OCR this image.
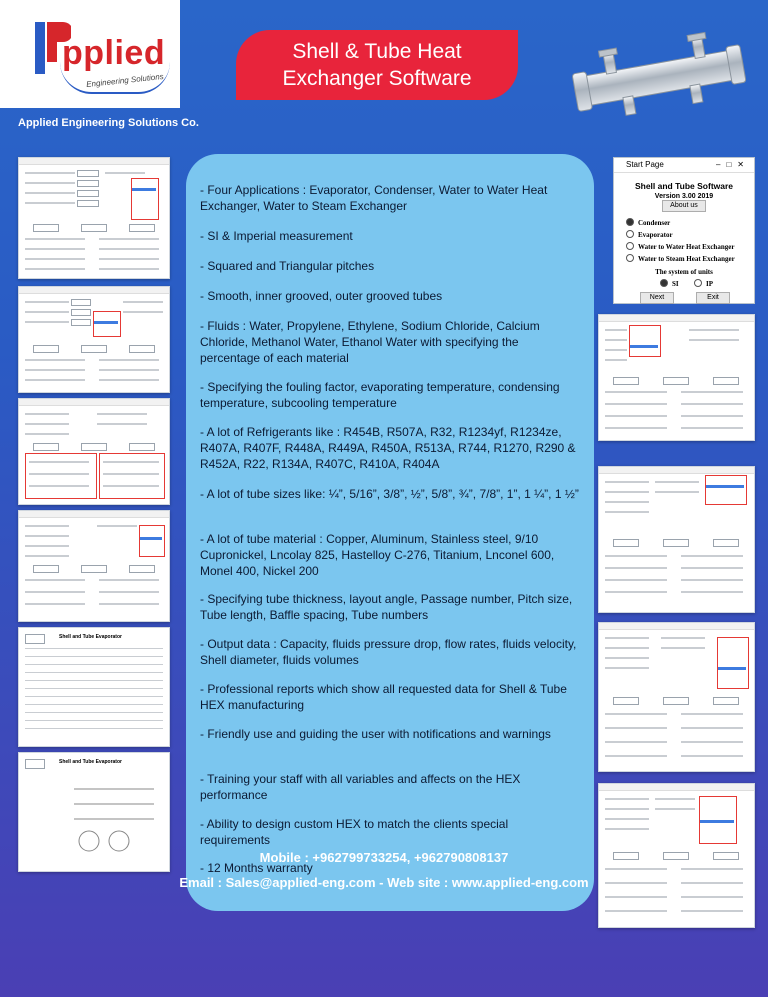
pplied
Engineering Solutions
Shell & Tube Heat
Exchanger Software
Applied Engineering Solutions Co.
Shell and Tube Evaporator
Shell and Tube Evaporator
- Four Applications : Evaporator, Condenser, Water to Water Heat Exchanger, Water to Steam Exchanger
- SI & Imperial measurement
- Squared and Triangular pitches
- Smooth, inner grooved, outer grooved tubes
- Fluids : Water, Propylene, Ethylene, Sodium Chloride, Calcium Chloride, Methanol Water, Ethanol Water with specifying the percentage of each material
- Specifying the fouling factor, evaporating temperature, condensing temperature, subcooling temperature
- A lot of Refrigerants like : R454B, R507A, R32, R1234yf, R1234ze, R407A, R407F, R448A, R449A, R450A, R513A, R744, R1270, R290 & R452A, R22, R134A, R407C, R410A, R404A
- A lot of tube sizes like: ¼”, 5/16”, 3/8”, ½”, 5/8”, ¾”, 7/8”, 1”, 1 ¼”, 1 ½”
- A lot of tube material : Copper, Aluminum, Stainless steel, 9/10 Cupronickel, Lncolay 825, Hastelloy C-276, Titanium, Lnconel 600, Monel 400, Nickel 200
- Specifying tube thickness, layout angle, Passage number, Pitch size, Tube length, Baffle spacing, Tube numbers
- Output data : Capacity, fluids pressure drop, flow rates, fluids velocity, Shell diameter, fluids volumes
- Professional reports which show all requested data for Shell & Tube HEX manufacturing
- Friendly use and guiding the user with notifications and warnings
- Training your staff with all variables and affects on the HEX performance
- Ability to design custom HEX to match the clients special requirements
- 12 Months warranty
Start Page	–□✕
Shell and Tube Software
Version 3.00 2019
About us
Condenser
Evaporator
Water to Water Heat Exchanger
Water to Steam Heat Exchanger
The system of units
SI	IP
Next	Exit
Mobile : +962799733254, +962790808137
Email : Sales@applied-eng.com - Web site : www.applied-eng.com
